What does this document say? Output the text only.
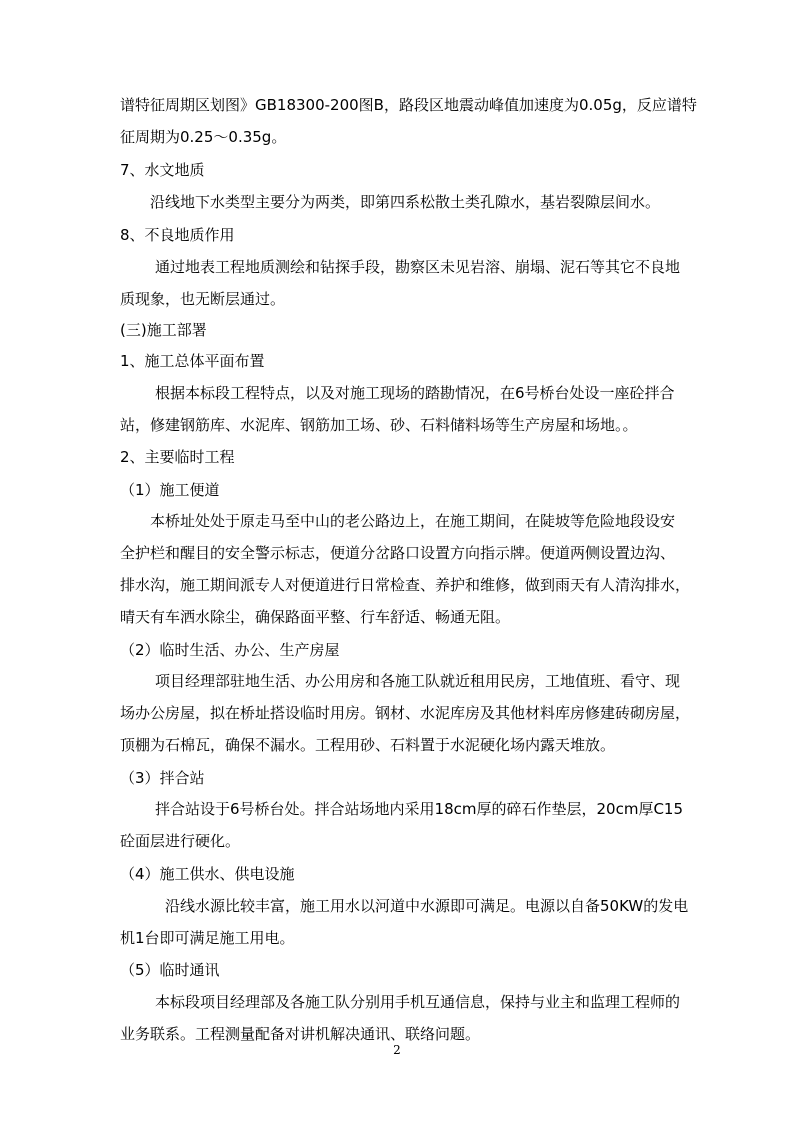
谱特征周期区划图》GB18300-200图B，路段区地震动峰值加速度为0.05g，反应谱特
征周期为0.25～0.35g。
7、水文地质
沿线地下水类型主要分为两类，即第四系松散土类孔隙水，基岩裂隙层间水。
8、不良地质作用
通过地表工程地质测绘和钻探手段，勘察区未见岩溶、崩塌、泥石等其它不良地
质现象，也无断层通过。
(三)施工部署
1、施工总体平面布置
根据本标段工程特点，以及对施工现场的踏勘情况，在6号桥台处设一座砼拌合
站，修建钢筋库、水泥库、钢筋加工场、砂、石料储料场等生产房屋和场地。。
2、主要临时工程
（1）施工便道
本桥址处处于原走马至中山的老公路边上，在施工期间，在陡坡等危险地段设安
全护栏和醒目的安全警示标志，便道分岔路口设置方向指示牌。便道两侧设置边沟、
排水沟，施工期间派专人对便道进行日常检查、养护和维修，做到雨天有人清沟排水，
晴天有车洒水除尘，确保路面平整、行车舒适、畅通无阻。
（2）临时生活、办公、生产房屋
项目经理部驻地生活、办公用房和各施工队就近租用民房，工地值班、看守、现
场办公房屋，拟在桥址搭设临时用房。钢材、水泥库房及其他材料库房修建砖砌房屋，
顶棚为石棉瓦，确保不漏水。工程用砂、石料置于水泥硬化场内露天堆放。
（3）拌合站
拌合站设于6号桥台处。拌合站场地内采用18cm厚的碎石作垫层，20cm厚C15
砼面层进行硬化。
（4）施工供水、供电设施
沿线水源比较丰富，施工用水以河道中水源即可满足。电源以自备50KW的发电
机1台即可满足施工用电。
（5）临时通讯
本标段项目经理部及各施工队分别用手机互通信息，保持与业主和监理工程师的
业务联系。工程测量配备对讲机解决通讯、联络问题。
2
